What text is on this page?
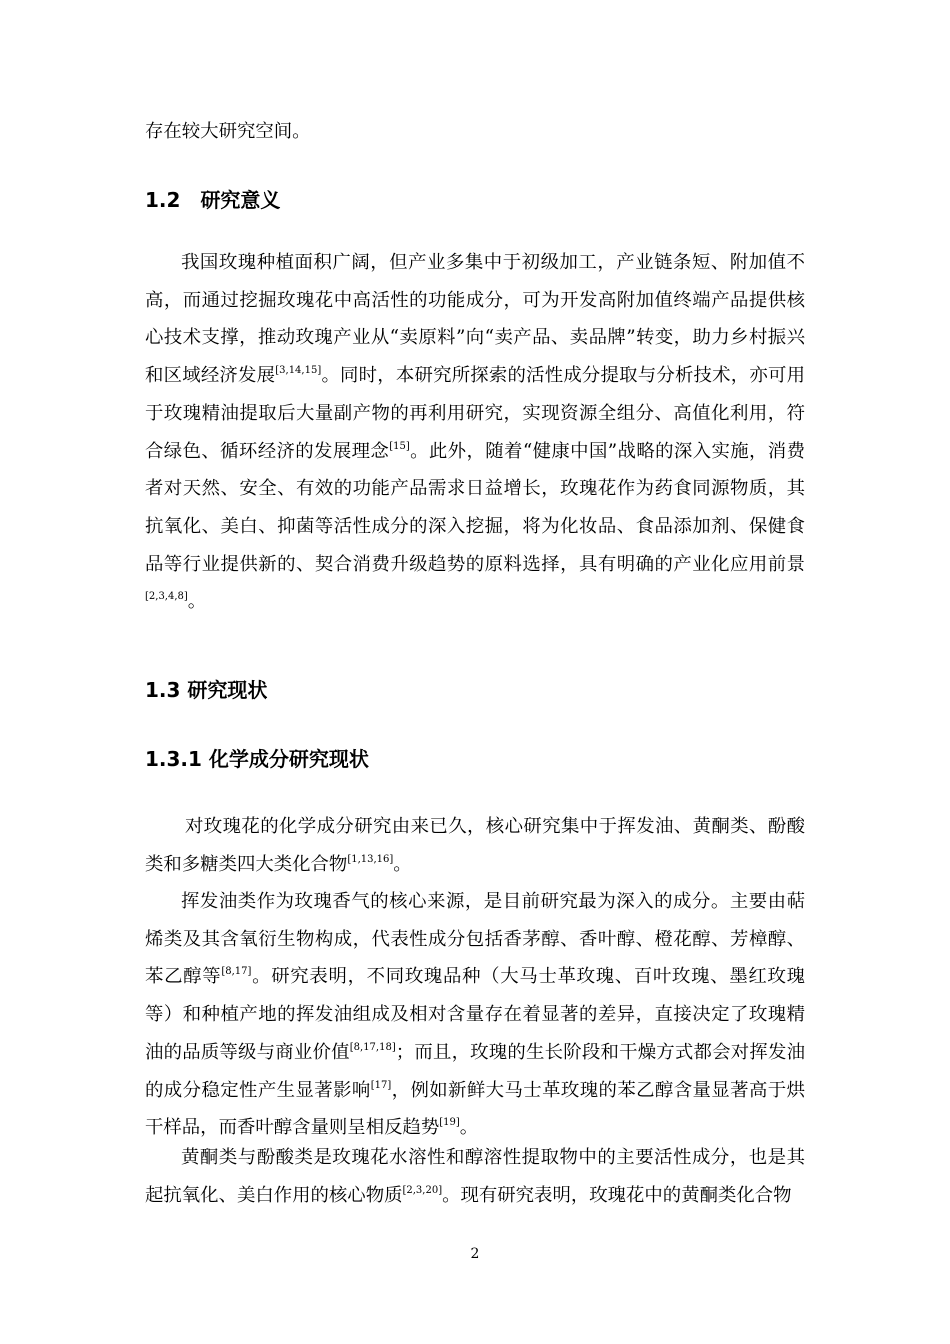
存在较大研究空间。

1.2  研究意义

我国玫瑰种植面积广阔，但产业多集中于初级加工，产业链条短、附加值不高，而通过挖掘玫瑰花中高活性的功能成分，可为开发高附加值终端产品提供核心技术支撑，推动玫瑰产业从“卖原料”向“卖产品、卖品牌”转变，助力乡村振兴和区域经济发展[3,14,15]。同时，本研究所探索的活性成分提取与分析技术，亦可用于玫瑰精油提取后大量副产物的再利用研究，实现资源全组分、高值化利用，符合绿色、循环经济的发展理念[15]。此外，随着“健康中国”战略的深入实施，消费者对天然、安全、有效的功能产品需求日益增长，玫瑰花作为药食同源物质，其抗氧化、美白、抑菌等活性成分的深入挖掘，将为化妆品、食品添加剂、保健食品等行业提供新的、契合消费升级趋势的原料选择，具有明确的产业化应用前景[2,3,4,8]。

1.3 研究现状

1.3.1 化学成分研究现状

对玫瑰花的化学成分研究由来已久，核心研究集中于挥发油、黄酮类、酚酸类和多糖类四大类化合物[1,13,16]。

挥发油类作为玫瑰香气的核心来源，是目前研究最为深入的成分。主要由萜烯类及其含氧衍生物构成，代表性成分包括香茅醇、香叶醇、橙花醇、芳樟醇、苯乙醇等[8,17]。研究表明，不同玫瑰品种（大马士革玫瑰、百叶玫瑰、墨红玫瑰等）和种植产地的挥发油组成及相对含量存在着显著的差异，直接决定了玫瑰精油的品质等级与商业价值[8,17,18]；而且，玫瑰的生长阶段和干燥方式都会对挥发油的成分稳定性产生显著影响[17]，例如新鲜大马士革玫瑰的苯乙醇含量显著高于烘干样品，而香叶醇含量则呈相反趋势[19]。

黄酮类与酚酸类是玫瑰花水溶性和醇溶性提取物中的主要活性成分，也是其起抗氧化、美白作用的核心物质[2,3,20]。现有研究表明，玫瑰花中的黄酮类化合物

2
